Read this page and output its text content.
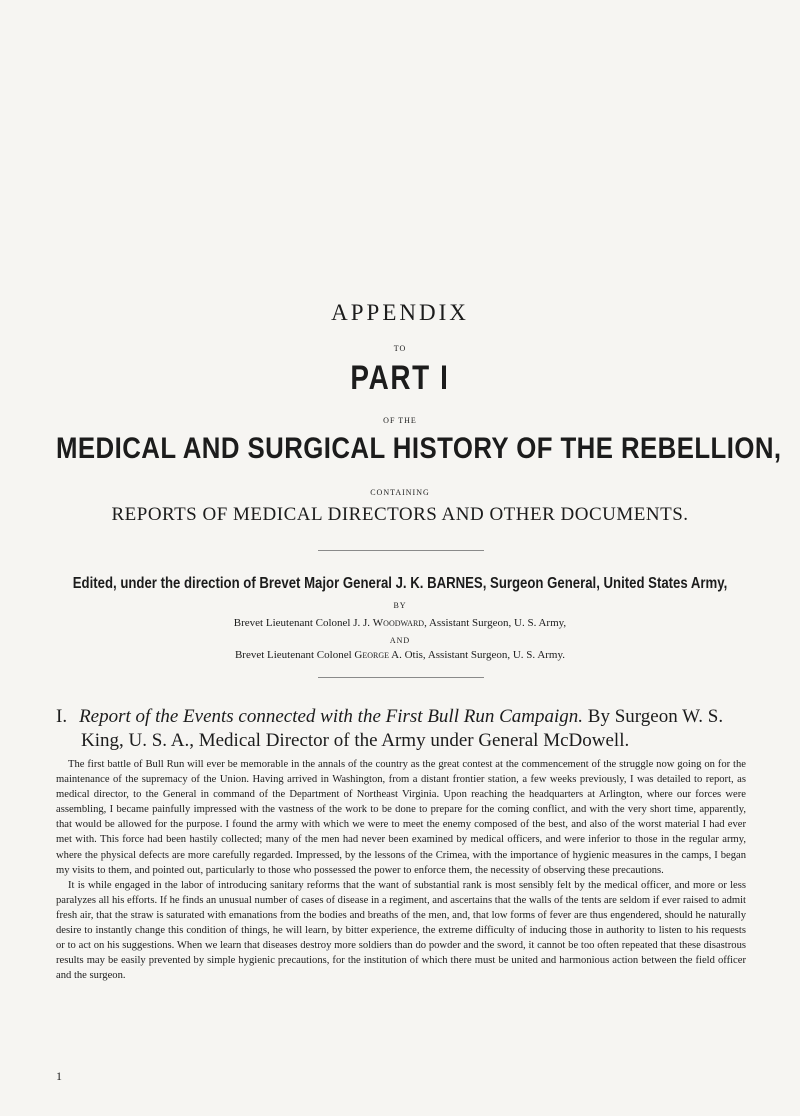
APPENDIX
TO
PART I
OF THE
MEDICAL AND SURGICAL HISTORY OF THE REBELLION,
CONTAINING
REPORTS OF MEDICAL DIRECTORS AND OTHER DOCUMENTS.
Edited, under the direction of Brevet Major General J. K. BARNES, Surgeon General, United States Army,
BY
Brevet Lieutenant Colonel J. J. Woodward, Assistant Surgeon, U. S. Army,
AND
Brevet Lieutenant Colonel George A. Otis, Assistant Surgeon, U. S. Army.
I. Report of the Events connected with the First Bull Run Campaign. By Surgeon W. S.
King, U. S. A., Medical Director of the Army under General McDowell.

The first battle of Bull Run will ever be memorable in the annals of the country as the great contest at the commencement of the struggle now going on for the maintenance of the supremacy of the Union. Having arrived in Washington, from a distant frontier station, a few weeks previously, I was detailed to report, as medical director, to the General in command of the Department of Northeast Virginia. Upon reaching the headquarters at Arlington, where our forces were assembling, I became painfully impressed with the vastness of the work to be done to prepare for the coming conflict, and with the very short time, apparently, that would be allowed for the purpose. I found the army with which we were to meet the enemy composed of the best, and also of the worst material I had ever met with. This force had been hastily collected; many of the men had never been examined by medical officers, and were inferior to those in the regular army, where the physical defects are more carefully regarded. Impressed, by the lessons of the Crimea, with the importance of hygienic measures in the camps, I began my visits to them, and pointed out, particularly to those who possessed the power to enforce them, the necessity of observing these precautions.

It is while engaged in the labor of introducing sanitary reforms that the want of substantial rank is most sensibly felt by the medical officer, and more or less paralyzes all his efforts. If he finds an unusual number of cases of disease in a regiment, and ascertains that the walls of the tents are seldom if ever raised to admit fresh air, that the straw is saturated with emanations from the bodies and breaths of the men, and, that low forms of fever are thus engendered, should he naturally desire to instantly change this condition of things, he will learn, by bitter experience, the extreme difficulty of inducing those in authority to listen to his requests or to act on his suggestions. When we learn that diseases destroy more soldiers than do powder and the sword, it cannot be too often repeated that these disastrous results may be easily prevented by simple hygienic precautions, for the institution of which there must be united and harmonious action between the field officer and the surgeon.

1
